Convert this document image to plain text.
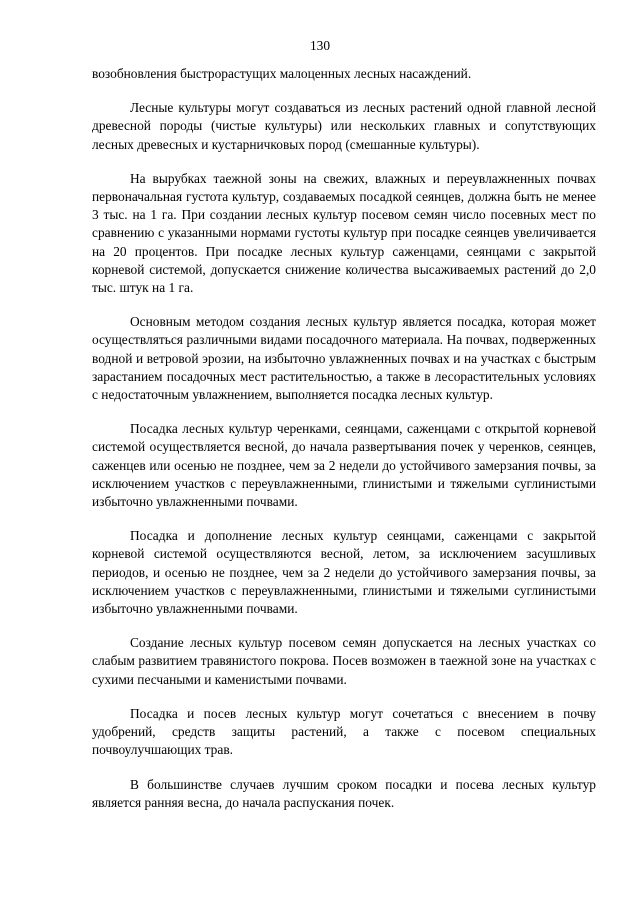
130

возобновления быстрорастущих малоценных лесных насаждений.

Лесные культуры могут создаваться из лесных растений одной главной лесной древесной породы (чистые культуры) или нескольких главных и сопутствующих лесных древесных и кустарничковых пород (смешанные культуры).

На вырубках таежной зоны на свежих, влажных и переувлажненных почвах первоначальная густота культур, создаваемых посадкой сеянцев, должна быть не менее 3 тыс. на 1 га. При создании лесных культур посевом семян число посевных мест по сравнению с указанными нормами густоты культур при посадке сеянцев увеличивается на 20 процентов. При посадке лесных культур саженцами, сеянцами с закрытой корневой системой, допускается снижение количества высаживаемых растений до 2,0 тыс. штук на 1 га.

Основным методом создания лесных культур является посадка, которая может осуществляться различными видами посадочного материала. На почвах, подверженных водной и ветровой эрозии, на избыточно увлажненных почвах и на участках с быстрым зарастанием посадочных мест растительностью, а также в лесорастительных условиях с недостаточным увлажнением, выполняется посадка лесных культур.

Посадка лесных культур черенками, сеянцами, саженцами с открытой корневой системой осуществляется весной, до начала развертывания почек у черенков, сеянцев, саженцев или осенью не позднее, чем за 2 недели до устойчивого замерзания почвы, за исключением участков с переувлажненными, глинистыми и тяжелыми суглинистыми избыточно увлажненными почвами.

Посадка и дополнение лесных культур сеянцами, саженцами с закрытой корневой системой осуществляются весной, летом, за исключением засушливых периодов, и осенью не позднее, чем за 2 недели до устойчивого замерзания почвы, за исключением участков с переувлажненными, глинистыми и тяжелыми суглинистыми избыточно увлажненными почвами.

Создание лесных культур посевом семян допускается на лесных участках со слабым развитием травянистого покрова. Посев возможен в таежной зоне на участках с сухими песчаными и каменистыми почвами.

Посадка и посев лесных культур могут сочетаться с внесением в почву удобрений, средств защиты растений, а также с посевом специальных почвоулучшающих трав.

В большинстве случаев лучшим сроком посадки и посева лесных культур является ранняя весна, до начала распускания почек.
